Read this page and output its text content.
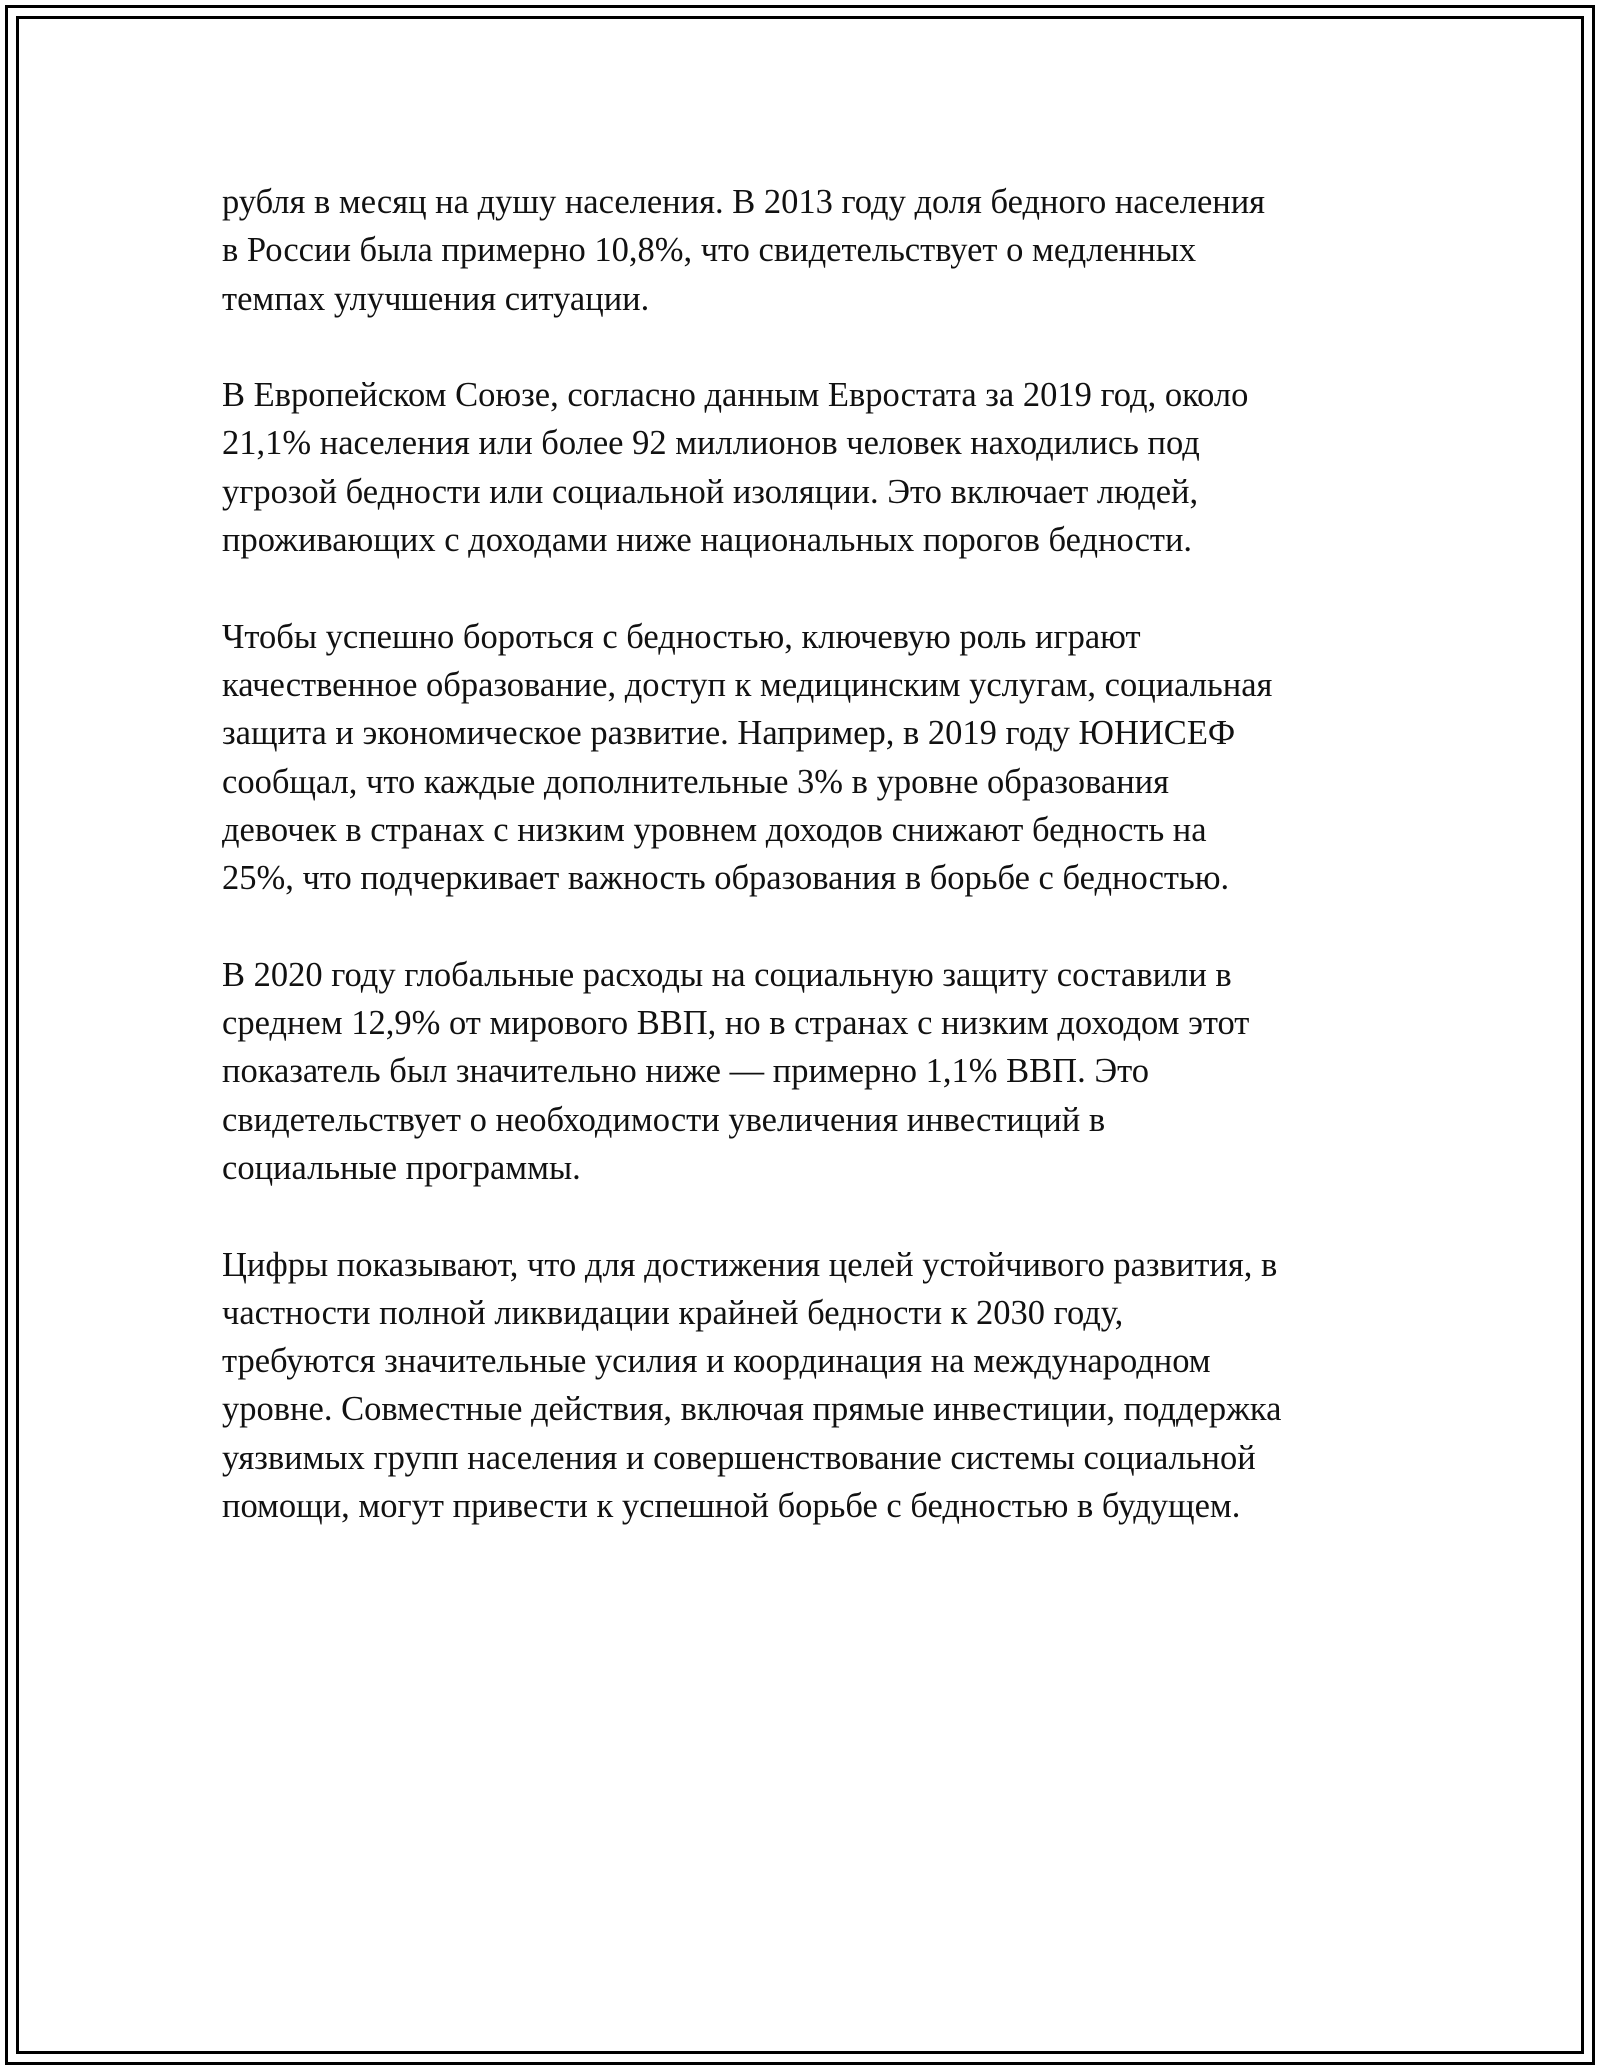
рубля в месяц на душу населения. В 2013 году доля бедного населения
в России была примерно 10,8%, что свидетельствует о медленных
темпах улучшения ситуации.

В Европейском Союзе, согласно данным Евростата за 2019 год, около
21,1% населения или более 92 миллионов человек находились под
угрозой бедности или социальной изоляции. Это включает людей,
проживающих с доходами ниже национальных порогов бедности.

Чтобы успешно бороться с бедностью, ключевую роль играют
качественное образование, доступ к медицинским услугам, социальная
защита и экономическое развитие. Например, в 2019 году ЮНИСЕФ
сообщал, что каждые дополнительные 3% в уровне образования
девочек в странах с низким уровнем доходов снижают бедность на
25%, что подчеркивает важность образования в борьбе с бедностью.

В 2020 году глобальные расходы на социальную защиту составили в
среднем 12,9% от мирового ВВП, но в странах с низким доходом этот
показатель был значительно ниже — примерно 1,1% ВВП. Это
свидетельствует о необходимости увеличения инвестиций в
социальные программы.

Цифры показывают, что для достижения целей устойчивого развития, в
частности полной ликвидации крайней бедности к 2030 году,
требуются значительные усилия и координация на международном
уровне. Совместные действия, включая прямые инвестиции, поддержка
уязвимых групп населения и совершенствование системы социальной
помощи, могут привести к успешной борьбе с бедностью в будущем.
